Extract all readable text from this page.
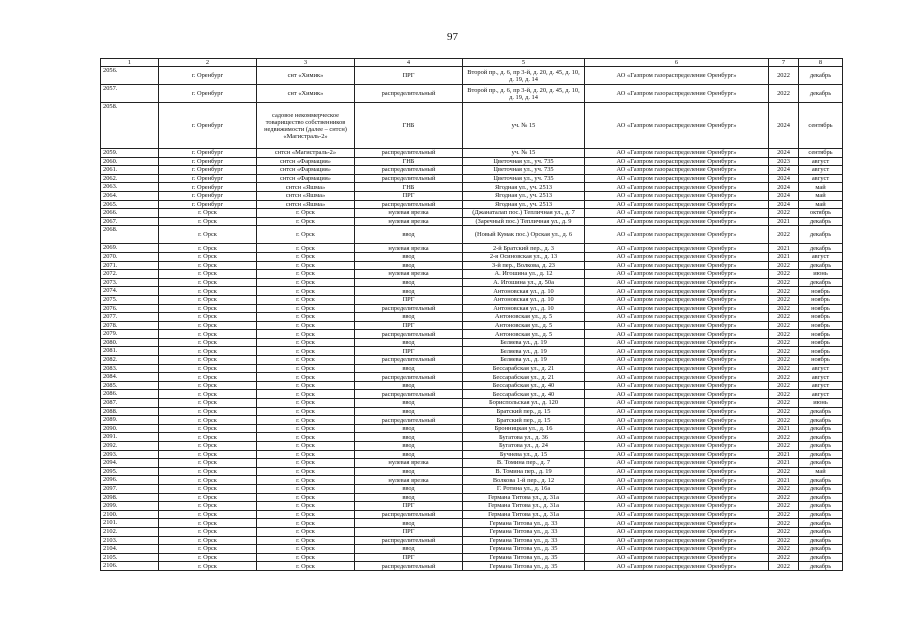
97
1	2	3	4	5	6	7	8
2056.	г. Оренбург	снт «Химик»	ПРГ	Второй пр., д. 6, пр 3-й, д. 20, д. 45, д. 10, д. 19, д. 14	АО «Газпром газораспределение Оренбург»	2022	декабрь
2057.	г. Оренбург	снт «Химик»	распределительный	Второй пр., д. 6, пр 3-й, д. 20, д. 45, д. 10, д. 19, д. 14	АО «Газпром газораспределение Оренбург»	2022	декабрь
2058.	г. Оренбург	садовое некоммерческое товарищество собственников недвижимости (далее – снтсн) «Магистраль-2»	ГНБ	уч. № 15	АО «Газпром газораспределение Оренбург»	2024	сентябрь
2059.	г. Оренбург	снтсн «Магистраль-2»	распределительный	уч. № 15	АО «Газпром газораспределение Оренбург»	2024	сентябрь
2060.	г. Оренбург	снтсн «Фармация»	ГНБ	Цветочная ул., уч. 735	АО «Газпром газораспределение Оренбург»	2023	август
2061.	г. Оренбург	снтсн «Фармация»	распределительный	Цветочная ул., уч. 735	АО «Газпром газораспределение Оренбург»	2024	август
2062.	г. Оренбург	снтсн «Фармация»	распределительный	Цветочная ул., уч. 735	АО «Газпром газораспределение Оренбург»	2024	август
2063.	г. Оренбург	снтсн «Яшма»	ГНБ	Ягодная ул., уч. 2513	АО «Газпром газораспределение Оренбург»	2024	май
2064.	г. Оренбург	снтсн «Яшма»	ПРГ	Ягодная ул., уч. 2513	АО «Газпром газораспределение Оренбург»	2024	май
2065.	г. Оренбург	снтсн «Яшма»	распределительный	Ягодная ул., уч. 2513	АО «Газпром газораспределение Оренбург»	2024	май
2066.	г. Орск	г. Орск	нулевая врезка	(Джанаталап пос.) Тепличная ул., д. 7	АО «Газпром газораспределение Оренбург»	2022	октябрь
2067.	г. Орск	г. Орск	нулевая врезка	(Заречный пос.) Тепличная ул., д. 9	АО «Газпром газораспределение Оренбург»	2021	декабрь
2068.	г. Орск	г. Орск	ввод	(Новый Кумак пос.) Орская ул., д. 6	АО «Газпром газораспределение Оренбург»	2022	декабрь
2069.	г. Орск	г. Орск	нулевая врезка	2-й Братский пер., д. 3	АО «Газпром газораспределение Оренбург»	2021	декабрь
2070.	г. Орск	г. Орск	ввод	2-я Осиновская ул., д. 13	АО «Газпром газораспределение Оренбург»	2021	август
2071.	г. Орск	г. Орск	ввод	3-й пер., Волкова, д. 23	АО «Газпром газораспределение Оренбург»	2022	декабрь
2072.	г. Орск	г. Орск	нулевая врезка	А. Игошина ул., д. 12	АО «Газпром газораспределение Оренбург»	2022	июнь
2073.	г. Орск	г. Орск	ввод	А. Игошина ул., д. 50а	АО «Газпром газораспределение Оренбург»	2022	декабрь
2074.	г. Орск	г. Орск	ввод	Антоновская ул., д. 10	АО «Газпром газораспределение Оренбург»	2022	ноябрь
2075.	г. Орск	г. Орск	ПРГ	Антоновская ул., д. 10	АО «Газпром газораспределение Оренбург»	2022	ноябрь
2076.	г. Орск	г. Орск	распределительный	Антоновская ул., д. 10	АО «Газпром газораспределение Оренбург»	2022	ноябрь
2077.	г. Орск	г. Орск	ввод	Антоновская ул., д. 5	АО «Газпром газораспределение Оренбург»	2022	ноябрь
2078.	г. Орск	г. Орск	ПРГ	Антоновская ул., д. 5	АО «Газпром газораспределение Оренбург»	2022	ноябрь
2079.	г. Орск	г. Орск	распределительный	Антоновская ул., д. 5	АО «Газпром газораспределение Оренбург»	2022	ноябрь
2080.	г. Орск	г. Орск	ввод	Беляева ул., д. 19	АО «Газпром газораспределение Оренбург»	2022	ноябрь
2081.	г. Орск	г. Орск	ПРГ	Беляева ул., д. 19	АО «Газпром газораспределение Оренбург»	2022	ноябрь
2082.	г. Орск	г. Орск	распределительный	Беляева ул., д. 19	АО «Газпром газораспределение Оренбург»	2022	ноябрь
2083.	г. Орск	г. Орск	ввод	Бессарабская ул., д. 21	АО «Газпром газораспределение Оренбург»	2022	август
2084.	г. Орск	г. Орск	распределительный	Бессарабская ул., д. 21	АО «Газпром газораспределение Оренбург»	2022	август
2085.	г. Орск	г. Орск	ввод	Бессарабская ул., д. 40	АО «Газпром газораспределение Оренбург»	2022	август
2086.	г. Орск	г. Орск	распределительный	Бессарабская ул., д. 40	АО «Газпром газораспределение Оренбург»	2022	август
2087.	г. Орск	г. Орск	ввод	Бориспольская ул., д. 120	АО «Газпром газораспределение Оренбург»	2022	июнь
2088.	г. Орск	г. Орск	ввод	Братский пер., д. 15	АО «Газпром газораспределение Оренбург»	2022	декабрь
2089.	г. Орск	г. Орск	распределительный	Братский пер., д. 15	АО «Газпром газораспределение Оренбург»	2022	декабрь
2090.	г. Орск	г. Орск	ввод	Бронницкая ул., д. 16	АО «Газпром газораспределение Оренбург»	2021	декабрь
2091.	г. Орск	г. Орск	ввод	Бугатова ул., д. 36	АО «Газпром газораспределение Оренбург»	2022	декабрь
2092.	г. Орск	г. Орск	ввод	Бугатова ул., д. 24	АО «Газпром газораспределение Оренбург»	2022	декабрь
2093.	г. Орск	г. Орск	ввод	Бучнева ул., д. 15	АО «Газпром газораспределение Оренбург»	2021	декабрь
2094.	г. Орск	г. Орск	нулевая врезка	В. Томина пер., д. 7	АО «Газпром газораспределение Оренбург»	2021	декабрь
2095.	г. Орск	г. Орск	ввод	В. Томина пер., д. 19	АО «Газпром газораспределение Оренбург»	2022	май
2096.	г. Орск	г. Орск	нулевая врезка	Волкова 1-й пер., д. 12	АО «Газпром газораспределение Оренбург»	2021	декабрь
2097.	г. Орск	г. Орск	ввод	Г. Ротина ул., д. 16а	АО «Газпром газораспределение Оренбург»	2022	декабрь
2098.	г. Орск	г. Орск	ввод	Германа Титова ул., д. 31а	АО «Газпром газораспределение Оренбург»	2022	декабрь
2099.	г. Орск	г. Орск	ПРГ	Германа Титова ул., д. 31а	АО «Газпром газораспределение Оренбург»	2022	декабрь
2100.	г. Орск	г. Орск	распределительный	Германа Титова ул., д. 31а	АО «Газпром газораспределение Оренбург»	2022	декабрь
2101.	г. Орск	г. Орск	ввод	Германа Титова ул., д. 33	АО «Газпром газораспределение Оренбург»	2022	декабрь
2102.	г. Орск	г. Орск	ПРГ	Германа Титова ул., д. 33	АО «Газпром газораспределение Оренбург»	2022	декабрь
2103.	г. Орск	г. Орск	распределительный	Германа Титова ул., д. 33	АО «Газпром газораспределение Оренбург»	2022	декабрь
2104.	г. Орск	г. Орск	ввод	Германа Титова ул., д. 35	АО «Газпром газораспределение Оренбург»	2022	декабрь
2105.	г. Орск	г. Орск	ПРГ	Германа Титова ул., д. 35	АО «Газпром газораспределение Оренбург»	2022	декабрь
2106.	г. Орск	г. Орск	распределительный	Германа Титова ул., д. 35	АО «Газпром газораспределение Оренбург»	2022	декабрь
